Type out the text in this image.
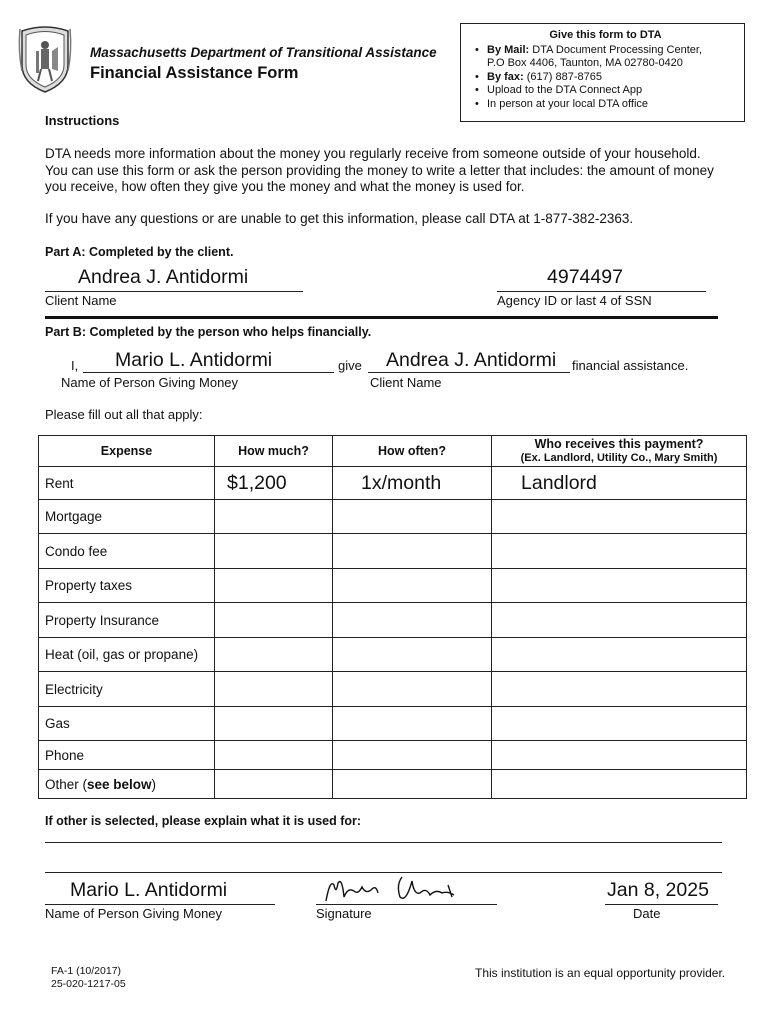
Massachusetts Department of Transitional Assistance
Financial Assistance Form
Give this form to DTA
• By Mail: DTA Document Processing Center,
P.O Box 4406, Taunton, MA 02780-0420
• By fax: (617) 887-8765
• Upload to the DTA Connect App
• In person at your local DTA office
Instructions
DTA needs more information about the money you regularly receive from someone outside of your household. You can use this form or ask the person providing the money to write a letter that includes: the amount of money you receive, how often they give you the money and what the money is used for.
If you have any questions or are unable to get this information, please call DTA at 1-877-382-2363.
Part A: Completed by the client.
Andrea J. Antidormi
Client Name
4974497
Agency ID or last 4 of SSN
Part B: Completed by the person who helps financially.
I, Mario L. Antidormi	give Andrea J. Antidormi financial assistance.
Name of Person Giving Money	Client Name
Please fill out all that apply:
Expense	How much?	How often?	Who receives this payment?
(Ex. Landlord, Utility Co., Mary Smith)

Rent	$1,200	1x/month	Landlord
Mortgage			
Condo fee			
Property taxes			
Property Insurance			
Heat (oil, gas or propane)			
Electricity			
Gas			
Phone			
Other (see below)			
If other is selected, please explain what it is used for:
Mario L. Antidormi
Name of Person Giving Money	Signature
Jan 8, 2025
Date
FA-1 (10/2017)
25-020-1217-05
This institution is an equal opportunity provider.
